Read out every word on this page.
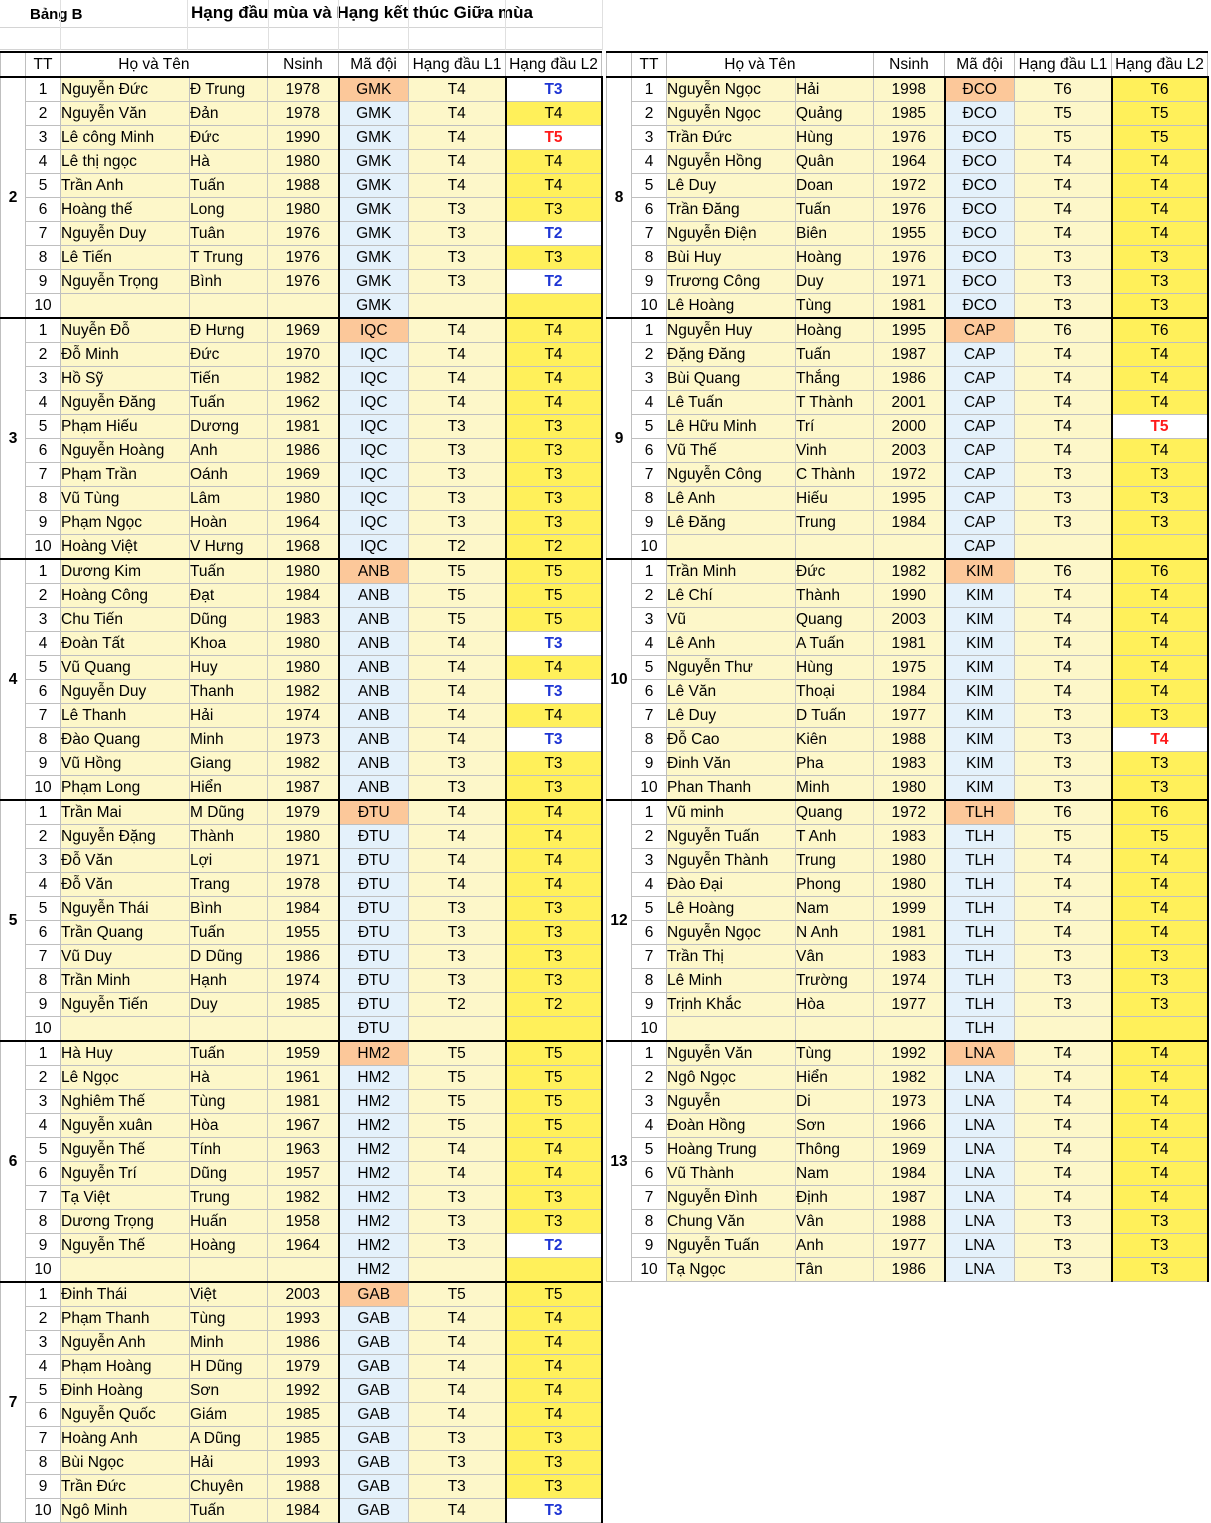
Bảng B	Hạng đầu mùa và Hạng kết thúc Giữa mùa
	TT	Họ và Tên		Nsinh	Mã đội	Hạng đầu L1	Hạng đầu L2
2	1	Nguyễn Đức	Đ Trung	1978	GMK	T4	T3
	2	Nguyễn Văn	Đản	1978	GMK	T4	T4
	3	Lê công Minh	Đức	1990	GMK	T4	T5
	4	Lê thị ngọc	Hà	1980	GMK	T4	T4
	5	Trần Anh	Tuấn	1988	GMK	T4	T4
	6	Hoàng thế	Long	1980	GMK	T3	T3
	7	Nguyễn Duy	Tuân	1976	GMK	T3	T2
	8	Lê Tiến	T Trung	1976	GMK	T3	T3
	9	Nguyễn Trọng	Bình	1976	GMK	T3	T2
	10				GMK		
3	1	Nuyễn Đỗ	Đ Hưng	1969	IQC	T4	T4
	2	Đỗ Minh	Đức	1970	IQC	T4	T4
	3	Hồ Sỹ	Tiến	1982	IQC	T4	T4
	4	Nguyễn Đăng	Tuấn	1962	IQC	T4	T4
	5	Phạm Hiếu	Dương	1981	IQC	T3	T3
	6	Nguyễn Hoàng	Anh	1986	IQC	T3	T3
	7	Phạm Trần	Oánh	1969	IQC	T3	T3
	8	Vũ Tùng	Lâm	1980	IQC	T3	T3
	9	Phạm Ngọc	Hoàn	1964	IQC	T3	T3
	10	Hoàng Việt	V Hưng	1968	IQC	T2	T2
4	1	Dương Kim	Tuấn	1980	ANB	T5	T5
	2	Hoàng Công	Đạt	1984	ANB	T5	T5
	3	Chu Tiến	Dũng	1983	ANB	T5	T5
	4	Đoàn Tất	Khoa	1980	ANB	T4	T3
	5	Vũ Quang	Huy	1980	ANB	T4	T4
	6	Nguyễn Duy	Thanh	1982	ANB	T4	T3
	7	Lê Thanh	Hải	1974	ANB	T4	T4
	8	Đào Quang	Minh	1973	ANB	T4	T3
	9	Vũ Hồng	Giang	1982	ANB	T3	T3
	10	Phạm Long	Hiển	1987	ANB	T3	T3
5	1	Trần Mai	M Dũng	1979	ĐTU	T4	T4
	2	Nguyễn Đặng	Thành	1980	ĐTU	T4	T4
	3	Đỗ Văn	Lợi	1971	ĐTU	T4	T4
	4	Đỗ Văn	Trang	1978	ĐTU	T4	T4
	5	Nguyễn Thái	Bình	1984	ĐTU	T3	T3
	6	Trần Quang	Tuấn	1955	ĐTU	T3	T3
	7	Vũ Duy	D Dũng	1986	ĐTU	T3	T3
	8	Trần Minh	Hạnh	1974	ĐTU	T3	T3
	9	Nguyễn Tiến	Duy	1985	ĐTU	T2	T2
	10				ĐTU		
6	1	Hà Huy	Tuấn	1959	HM2	T5	T5
	2	Lê Ngọc	Hà	1961	HM2	T5	T5
	3	Nghiêm Thế	Tùng	1981	HM2	T5	T5
	4	Nguyễn xuân	Hòa	1967	HM2	T5	T5
	5	Nguyễn Thế	Tính	1963	HM2	T4	T4
	6	Nguyễn Trí	Dũng	1957	HM2	T4	T4
	7	Tạ Việt	Trung	1982	HM2	T3	T3
	8	Dương Trọng	Huấn	1958	HM2	T3	T3
	9	Nguyễn Thế	Hoàng	1964	HM2	T3	T2
	10				HM2		
7	1	Đinh Thái	Việt	2003	GAB	T5	T5
	2	Phạm Thanh	Tùng	1993	GAB	T4	T4
	3	Nguyễn Anh	Minh	1986	GAB	T4	T4
	4	Phạm Hoàng	H Dũng	1979	GAB	T4	T4
	5	Đinh Hoàng	Sơn	1992	GAB	T4	T4
	6	Nguyễn Quốc	Giám	1985	GAB	T4	T4
	7	Hoàng Anh	A Dũng	1985	GAB	T3	T3
	8	Bùi Ngọc	Hải	1993	GAB	T3	T3
	9	Trần Đức	Chuyên	1988	GAB	T3	T3
	10	Ngô Minh	Tuấn	1984	GAB	T4	T3
	TT	Họ và Tên		Nsinh	Mã đội	Hạng đầu L1	Hạng đầu L2
8	1	Nguyễn Ngọc	Hải	1998	ĐCO	T6	T6
	2	Nguyễn Ngọc	Quảng	1985	ĐCO	T5	T5
	3	Trần Đức	Hùng	1976	ĐCO	T5	T5
	4	Nguyễn Hồng	Quân	1964	ĐCO	T4	T4
	5	Lê Duy	Doan	1972	ĐCO	T4	T4
	6	Trần Đăng	Tuấn	1976	ĐCO	T4	T4
	7	Nguyễn Điện	Biên	1955	ĐCO	T4	T4
	8	Bùi Huy	Hoàng	1976	ĐCO	T3	T3
	9	Trương Công	Duy	1971	ĐCO	T3	T3
	10	Lê Hoàng	Tùng	1981	ĐCO	T3	T3
9	1	Nguyễn Huy	Hoàng	1995	CAP	T6	T6
	2	Đặng Đăng	Tuấn	1987	CAP	T4	T4
	3	Bùi Quang	Thắng	1986	CAP	T4	T4
	4	Lê Tuấn	T Thành	2001	CAP	T4	T4
	5	Lê Hữu Minh	Trí	2000	CAP	T4	T5
	6	Vũ Thế	Vinh	2003	CAP	T4	T4
	7	Nguyễn Công	C Thành	1972	CAP	T3	T3
	8	Lê Anh	Hiếu	1995	CAP	T3	T3
	9	Lê Đăng	Trung	1984	CAP	T3	T3
	10				CAP		
10	1	Trần Minh	Đức	1982	KIM	T6	T6
	2	Lê Chí	Thành	1990	KIM	T4	T4
	3	Vũ	Quang	2003	KIM	T4	T4
	4	Lê Anh	A Tuấn	1981	KIM	T4	T4
	5	Nguyễn Thư	Hùng	1975	KIM	T4	T4
	6	Lê Văn	Thoại	1984	KIM	T4	T4
	7	Lê Duy	D Tuấn	1977	KIM	T3	T3
	8	Đỗ Cao	Kiên	1988	KIM	T3	T4
	9	Đinh Văn	Pha	1983	KIM	T3	T3
	10	Phan Thanh	Minh	1980	KIM	T3	T3
12	1	Vũ minh	Quang	1972	TLH	T6	T6
	2	Nguyễn Tuấn	T Anh	1983	TLH	T5	T5
	3	Nguyễn Thành	Trung	1980	TLH	T4	T4
	4	Đào Đại	Phong	1980	TLH	T4	T4
	5	Lê Hoàng	Nam	1999	TLH	T4	T4
	6	Nguyễn Ngọc	N Anh	1981	TLH	T4	T4
	7	Trần Thị	Vân	1983	TLH	T3	T3
	8	Lê Minh	Trường	1974	TLH	T3	T3
	9	Trịnh Khắc	Hòa	1977	TLH	T3	T3
	10				TLH		
13	1	Nguyễn Văn	Tùng	1992	LNA	T4	T4
	2	Ngô Ngọc	Hiển	1982	LNA	T4	T4
	3	Nguyễn	Di	1973	LNA	T4	T4
	4	Đoàn Hồng	Sơn	1966	LNA	T4	T4
	5	Hoàng Trung	Thông	1969	LNA	T4	T4
	6	Vũ Thành	Nam	1984	LNA	T4	T4
	7	Nguyễn Đình	Định	1987	LNA	T4	T4
	8	Chung Văn	Vân	1988	LNA	T3	T3
	9	Nguyễn Tuấn	Anh	1977	LNA	T3	T3
	10	Tạ Ngọc	Tân	1986	LNA	T3	T3
